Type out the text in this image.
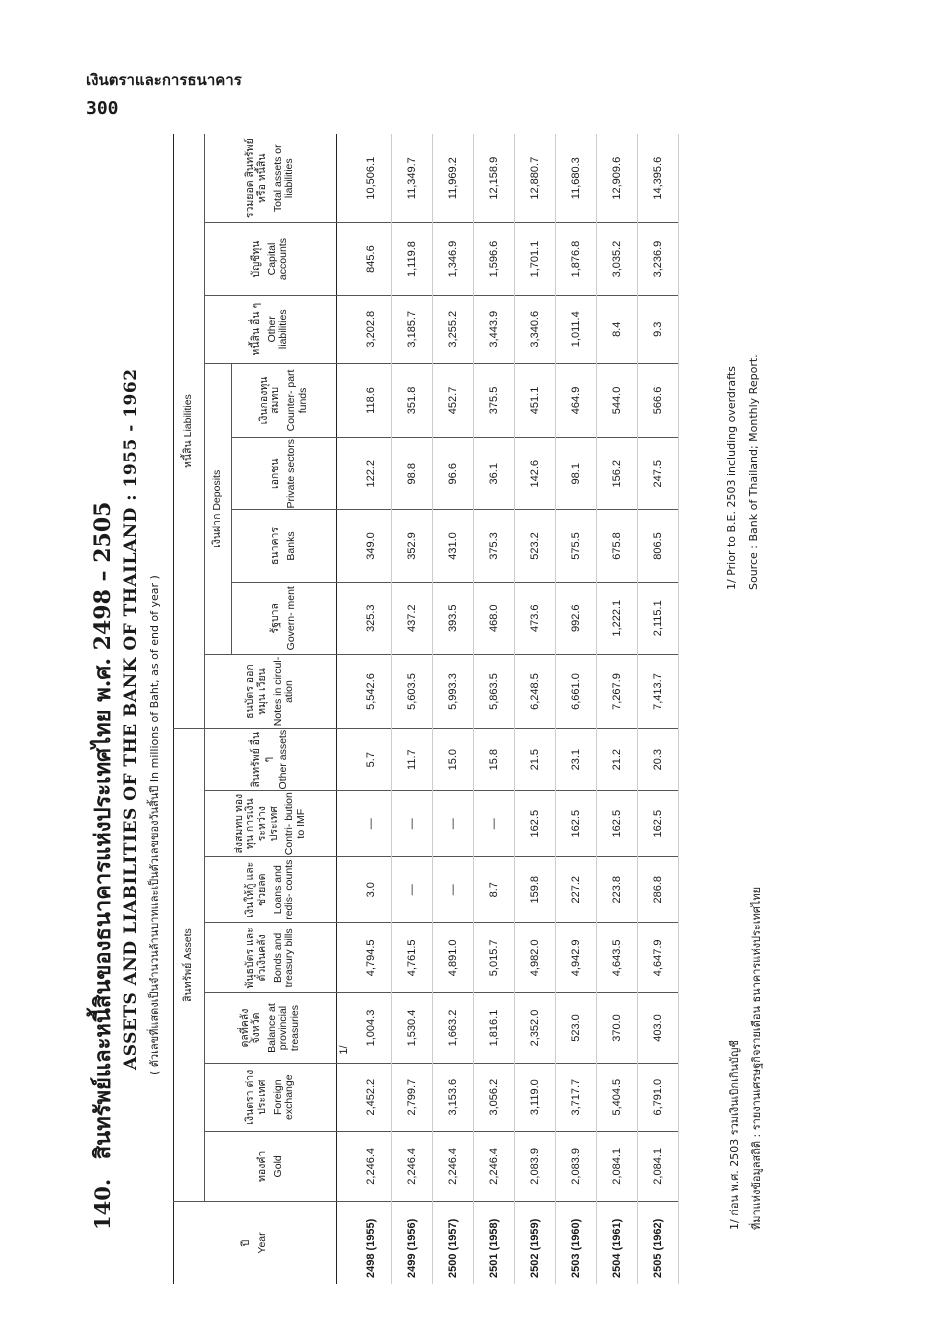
เงินตราและการธนาคาร
300
140. สินทรัพย์และหนี้สินของธนาคารแห่งประเทศไทย พ.ศ. 2498 – 2505 ASSETS AND LIABILITIES OF THE BANK OF THAILAND : 1955 - 1962 ( ตัวเลขที่แสดงเป็นจำนวนล้านบาทและเป็นตัวเลขของวันสิ้นปี In millions of Baht, as of end of year )
ปี Year	สินทรัพย์ Assets							หนี้สิน Liabilities							

	ทองคำ Gold	เงินตรา ต่าง ประเทศ Foreign exchange	ดุลที่คลัง จังหวัด Balance at provincial treasuries	พันธบัตร และ ตั๋วเงินคลัง Bonds and treasury bills	เงินให้กู้ และ ช่วยลด Loans and redis- counts	ส่งสมทบ ทองทุน การเงิน ระหว่าง ประเทศ Contri- bution to IMF	สินทรัพย์ อื่น ๆ Other assets	ธนบัตร ออกหมุน เวียน Notes in circul- ation	เงินฝาก Deposits				หนี้สิน อื่น ๆ Other liabilities	บัญชีทุน Capital accounts	รวมยอด สินทรัพย์ หรือ หนี้สิน Total assets or liabilities

									รัฐบาล Govern- ment	ธนาคาร Banks	เอกชน Private sectors	เงินกองทุนสมทบ Counter- part funds			

			1/												
2498 (1955)	2,246.4	2,452.2	1,004.3	4,794.5	3.0	—	5.7	5,542.6	325.3	349.0	122.2	118.6	3,202.8	845.6	10,506.1
2499 (1956)	2,246.4	2,799.7	1,530.4	4,761.5	—	—	11.7	5,603.5	437.2	352.9	98.8	351.8	3,185.7	1,119.8	11,349.7
2500 (1957)	2,246.4	3,153.6	1,663.2	4,891.0	—	—	15.0	5,993.3	393.5	431.0	96.6	452.7	3,255.2	1,346.9	11,969.2
2501 (1958)	2,246.4	3,056.2	1,816.1	5,015.7	8.7	—	15.8	5,863.5	468.0	375.3	36.1	375.5	3,443.9	1,596.6	12,158.9
2502 (1959)	2,083.9	3,119.0	2,352.0	4,982.0	159.8	162.5	21.5	6,248.5	473.6	523.2	142.6	451.1	3,340.6	1,701.1	12,880.7
2503 (1960)	2,083.9	3,717.7	523.0	4,942.9	227.2	162.5	23.1	6,661.0	992.6	575.5	98.1	464.9	1,011.4	1,876.8	11,680.3
2504 (1961)	2,084.1	5,404.5	370.0	4,643.5	223.8	162.5	21.2	7,267.9	1,222.1	675.8	156.2	544.0	8.4	3,035.2	12,909.6
2505 (1962)	2,084.1	6,791.0	403.0	4,647.9	286.8	162.5	20.3	7,413.7	2,115.1	806.5	247.5	566.6	9.3	3,236.9	14,395.6
1/ ก่อน พ.ศ. 2503 รวมเงินเบิกเกินบัญชี ที่มาแห่งข้อมูลสถิติ : รายงานเศรษฐกิจรายเดือน ธนาคารแห่งประเทศไทย
1/ Prior to B.E. 2503 including overdrafts Source : Bank of Thailand; Monthly Report.
